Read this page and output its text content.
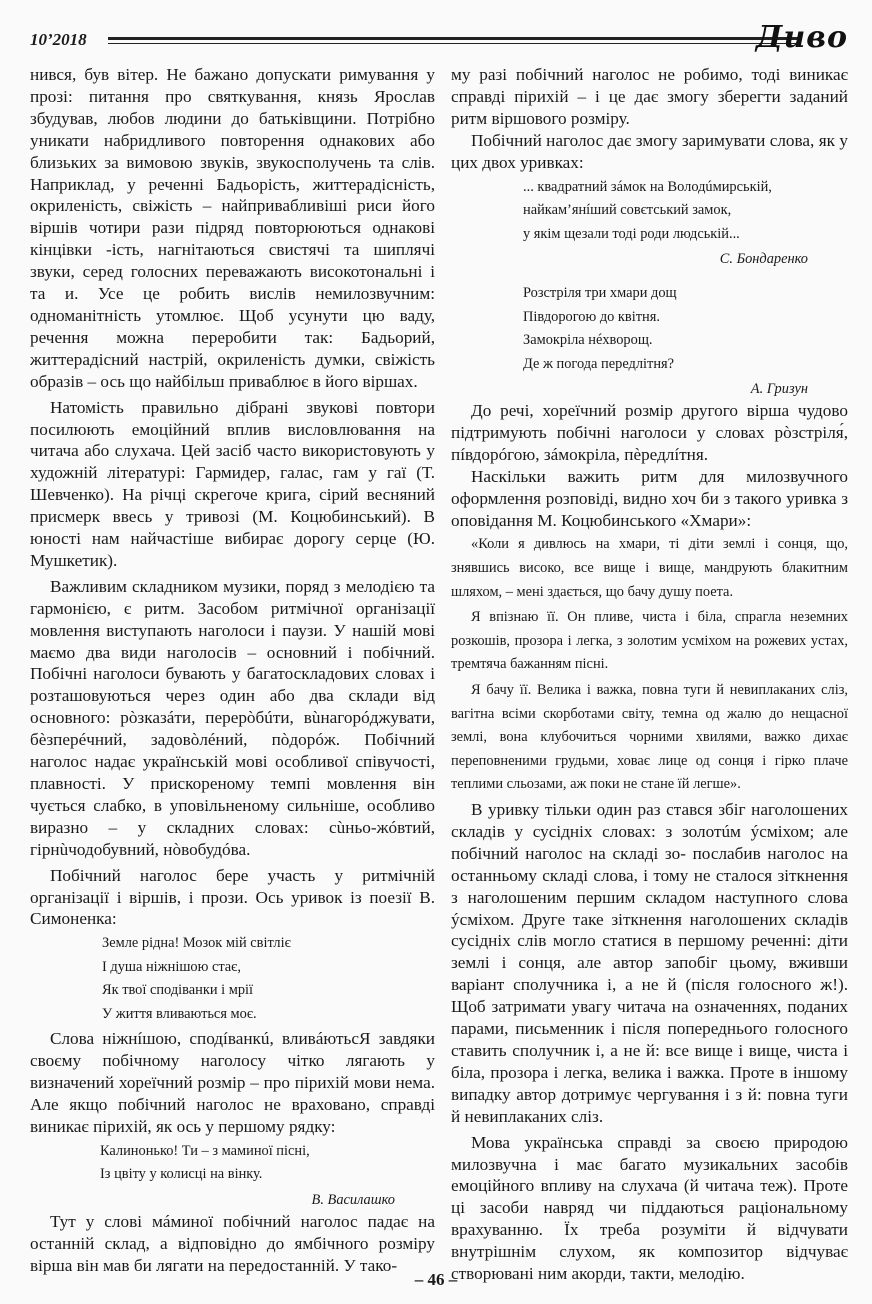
10’2018	Диво

нився, був вітер. Не бажано допускати римування у прозі: питання про святкування, князь Ярослав збудував, любов людини до батьківщини. Потрібно уникати набридливого повторення однакових або близьких за вимовою звуків, звукосполучень та слів. Наприклад, у реченні Бадьорість, життерадісність, окриленість, свіжість – найпривабливіші риси його віршів чотири рази підряд повторюються однакові кінцівки -ість, нагнітаються свистячі та шиплячі звуки, серед голосних переважають високотональні і та и. Усе це робить вислів немилозвучним: одноманітність утомлює. Щоб усунути цю ваду, речення можна переробити так: Бадьорий, життерадісний настрій, окриленість думки, свіжість образів – ось що найбільш приваблює в його віршах.

Натомість правильно дібрані звукові повтори посилюють емоційний вплив висловлювання на читача або слухача. Цей засіб часто використовують у художній літературі: Гармидер, галас, гам у гаї (Т. Шевченко). На річці скрегоче крига, сірий весняний присмерк ввесь у тривозі (М. Коцюбинський). В юності нам найчастіше вибирає дорогу серце (Ю. Мушкетик).

Важливим складником музики, поряд з мелодією та гармонією, є ритм. Засобом ритмічної організації мовлення виступають наголоси і паузи. У нашій мові маємо два види наголосів – основний і побічний. Побічні наголоси бувають у багатоскладових словах і розташовуються через один або два склади від основного: рòзказáти, перерòбúти, вùнагорóджувати, бѐзперéчний, задовòлéний, пòдорóж. Побічний наголос надає українській мові особливої співучості, плавності. У прискореному темпі мовлення він чується слабко, в уповільненому сильніше, особливо виразно – у складних словах: сùньо-жóвтий, гірнùчодобувний, нòвобудóва.

Побічний наголос бере участь у ритмічній організації і віршів, і прози. Ось уривок із поезії В. Симоненка:

Земле рідна! Мозок мій світліє
І душа ніжнішою стає,
Як твої сподіванки і мрії
У життя вливаються моє.

Слова ніжнíшою, сподíванкú, вливáютьсЯ завдяки своєму побічному наголосу чітко лягають у визначений хореїчний розмір – про пірихій мови нема. Але якщо побічний наголос не враховано, справді виникає пірихій, як ось у першому рядку:

Калинонько! Ти – з маминої пісні,
Із цвіту у колисці на вінку.
В. Василашко

Тут у слові мáминої побічний наголос падає на останній склад, а відповідно до ямбічного розміру вірша він мав би лягати на передостанній. У тако-

му разі побічний наголос не робимо, тоді виникає справді пірихій – і це дає змогу зберегти заданий ритм віршового розміру.

Побічний наголос дає змогу заримувати слова, як у цих двох уривках:

... квадратний зáмок на Володúмирській,
найкам’янíший совєтський замок,
у якім щезали тоді роди людській...
С. Бондаренко
Розстріля три хмари дощ
Півдорогою до квітня.
Замокріла нéхворощ.
Де ж погода передлітня?
А. Гризун

До речі, хореїчний розмір другого вірша чудово підтримують побічні наголоси у словах рòзстріля́, пíвдорóгою, зáмокріла, пèредлíтня.

Наскільки важить ритм для милозвучного оформлення розповіді, видно хоч би з такого уривка з оповідання М. Коцюбинського «Хмари»:

«Коли я дивлюсь на хмари, ті діти землі і сонця, що, знявшись високо, все вище і вище, мандрують блакитним шляхом, – мені здається, що бачу душу поета.

Я впізнаю її. Он пливе, чиста і біла, спрагла неземних розкошів, прозора і легка, з золотим усміхом на рожевих устах, тремтяча бажанням пісні.

Я бачу її. Велика і важка, повна туги й невиплаканих сліз, вагітна всіми скорботами світу, темна од жалю до нещасної землі, вона клубочиться чорними хвилями, важко дихає переповненими грудьми, ховає лице од сонця і гірко плаче теплими сльозами, аж поки не стане їй легше».

В уривку тільки один раз стався збіг наголошених складів у сусідніх словах: з золотúм ýсміхом; але побічний наголос на складі зо- послабив наголос на останньому складі слова, і тому не сталося зіткнення з наголошеним першим складом наступного слова ýсміхом. Друге таке зіткнення наголошених складів сусідніх слів могло статися в першому реченні: діти землі і сонця, але автор запобіг цьому, вживши варіант сполучника і, а не й (після голосного ж!). Щоб затримати увагу читача на означеннях, поданих парами, письменник і після попереднього голосного ставить сполучник і, а не й: все вище і вище, чиста і біла, прозора і легка, велика і важка. Проте в іншому випадку автор дотримує чергування і з й: повна туги й невиплаканих сліз.

Мова українська справді за своєю природою милозвучна і має багато музикальних засобів емоційного впливу на слухача (й читача теж). Проте ці засоби навряд чи піддаються раціональному врахуванню. Їх треба розуміти й відчувати внутрішнім слухом, як композитор відчуває створювані ним акорди, такти, мелодію.

– 46 –
